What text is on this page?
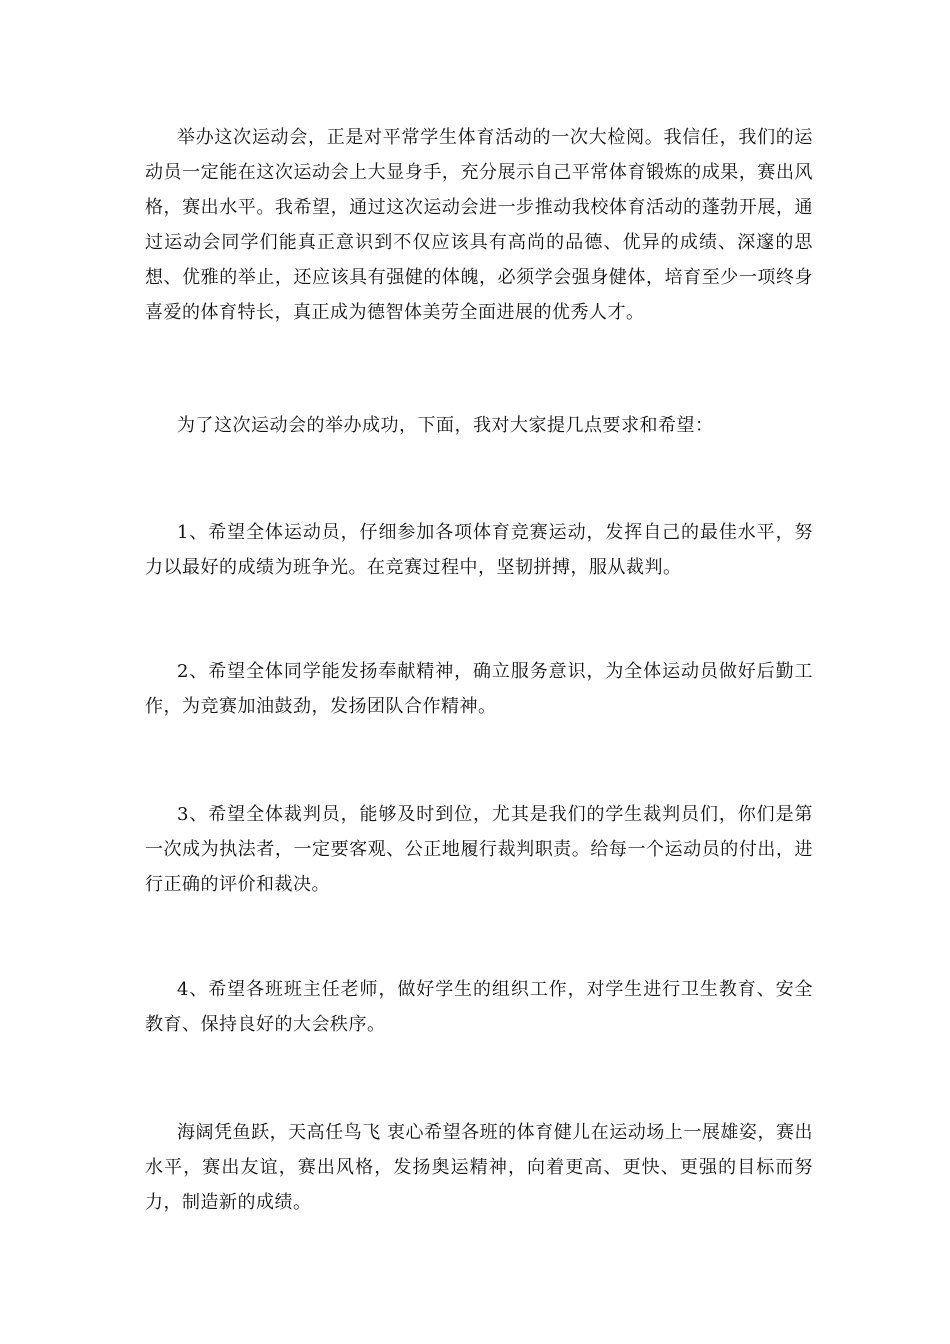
举办这次运动会，正是对平常学生体育活动的一次大检阅。我信任，我们的运动员一定能在这次运动会上大显身手，充分展示自己平常体育锻炼的成果，赛出风格，赛出水平。我希望，通过这次运动会进一步推动我校体育活动的蓬勃开展，通过运动会同学们能真正意识到不仅应该具有高尚的品德、优异的成绩、深邃的思想、优雅的举止，还应该具有强健的体魄，必须学会强身健体，培育至少一项终身喜爱的体育特长，真正成为德智体美劳全面进展的优秀人才。

为了这次运动会的举办成功，下面，我对大家提几点要求和希望：

1、希望全体运动员，仔细参加各项体育竞赛运动，发挥自己的最佳水平，努力以最好的成绩为班争光。在竞赛过程中，坚韧拼搏，服从裁判。

2、希望全体同学能发扬奉献精神，确立服务意识，为全体运动员做好后勤工作，为竞赛加油鼓劲，发扬团队合作精神。

3、希望全体裁判员，能够及时到位，尤其是我们的学生裁判员们，你们是第一次成为执法者，一定要客观、公正地履行裁判职责。给每一个运动员的付出，进行正确的评价和裁决。

4、希望各班班主任老师，做好学生的组织工作，对学生进行卫生教育、安全教育、保持良好的大会秩序。

海阔凭鱼跃，天高任鸟飞 衷心希望各班的体育健儿在运动场上一展雄姿，赛出水平，赛出友谊，赛出风格，发扬奥运精神，向着更高、更快、更强的目标而努力，制造新的成绩。
